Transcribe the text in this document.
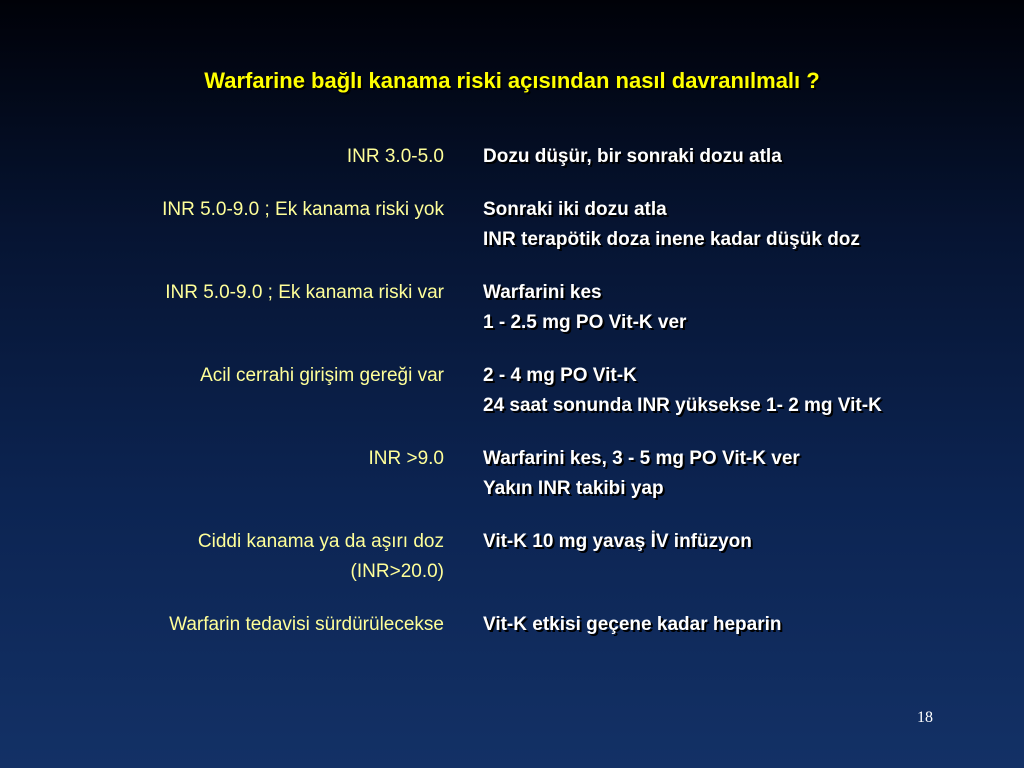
Warfarine bağlı kanama riski açısından nasıl davranılmalı ?
INR 3.0-5.0 Dozu düşür, bir sonraki dozu atla
INR 5.0-9.0 ; Ek kanama riski yok Sonraki iki dozu atla
INR terapötik doza inene kadar düşük doz
INR 5.0-9.0 ; Ek kanama riski var Warfarini kes
1 - 2.5 mg PO Vit-K ver
Acil cerrahi girişim gereği var 2 - 4 mg PO Vit-K
24 saat sonunda INR yüksekse 1- 2 mg Vit-K
INR >9.0 Warfarini kes, 3 - 5 mg PO Vit-K ver
Yakın INR takibi yap
Ciddi kanama ya da aşırı doz
(INR>20.0)
Vit-K 10 mg yavaş İV infüzyon
Warfarin tedavisi sürdürülecekse Vit-K etkisi geçene kadar heparin
18
